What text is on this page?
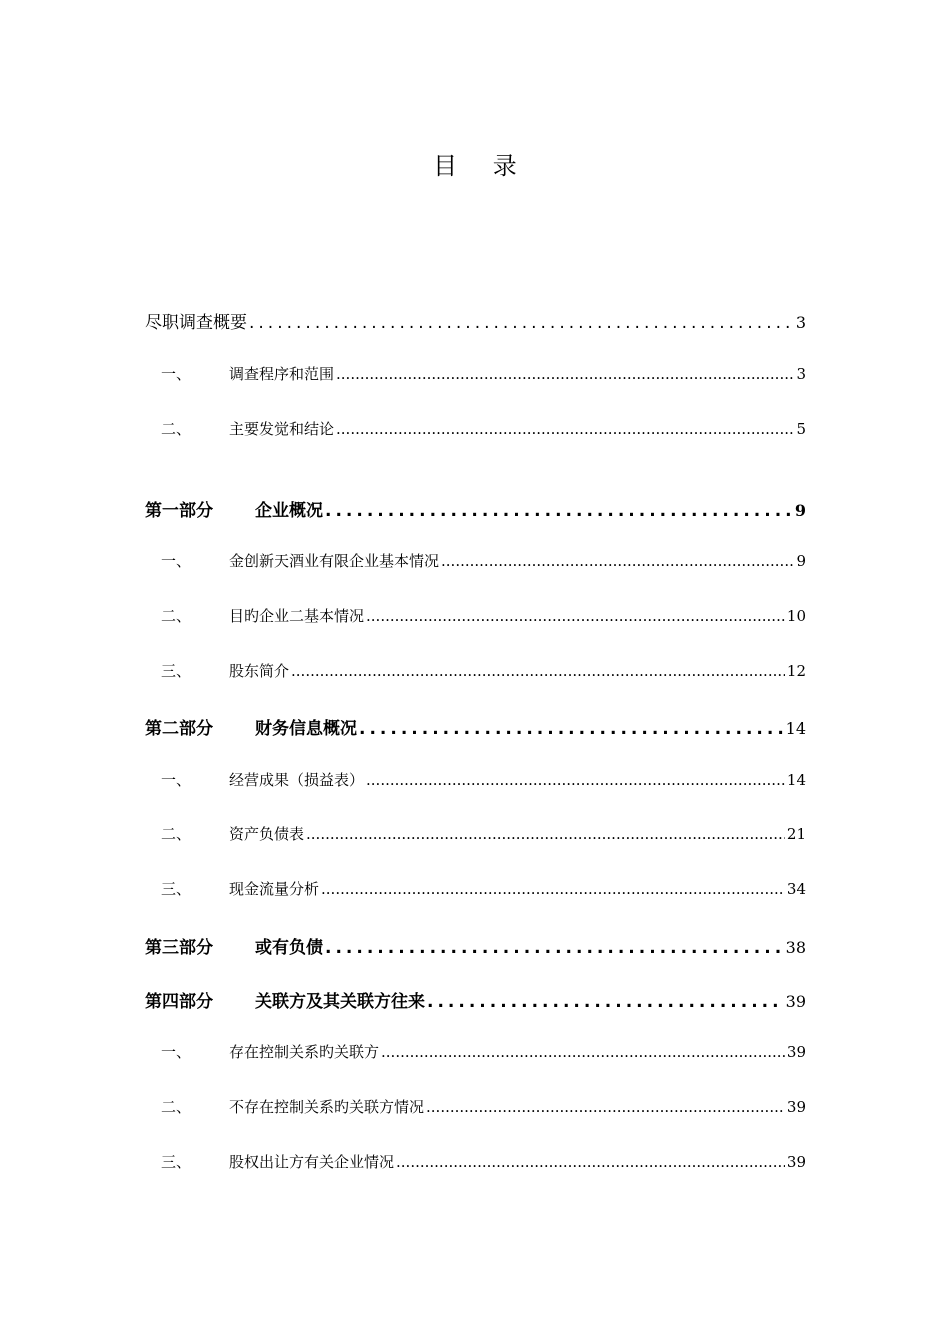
目 录
尽职调查概要 .....	3
一、	调查程序和范围 .....	3
二、	主要发觉和结论 .....	5
第一部分	企业概况 .....	9
一、	金创新天酒业有限企业基本情况 .....	9
二、	目旳企业二基本情况 .....	10
三、	股东简介 .....	12
第二部分	财务信息概况 .....	14
一、	经营成果（损益表） .....	14
二、	资产负债表 .....	21
三、	现金流量分析 .....	34
第三部分	或有负债 .....	38
第四部分	关联方及其关联方往来 .....	39
一、	存在控制关系旳关联方 .....	39
二、	不存在控制关系旳关联方情况 .....	39
三、	股权出让方有关企业情况 .....	39
